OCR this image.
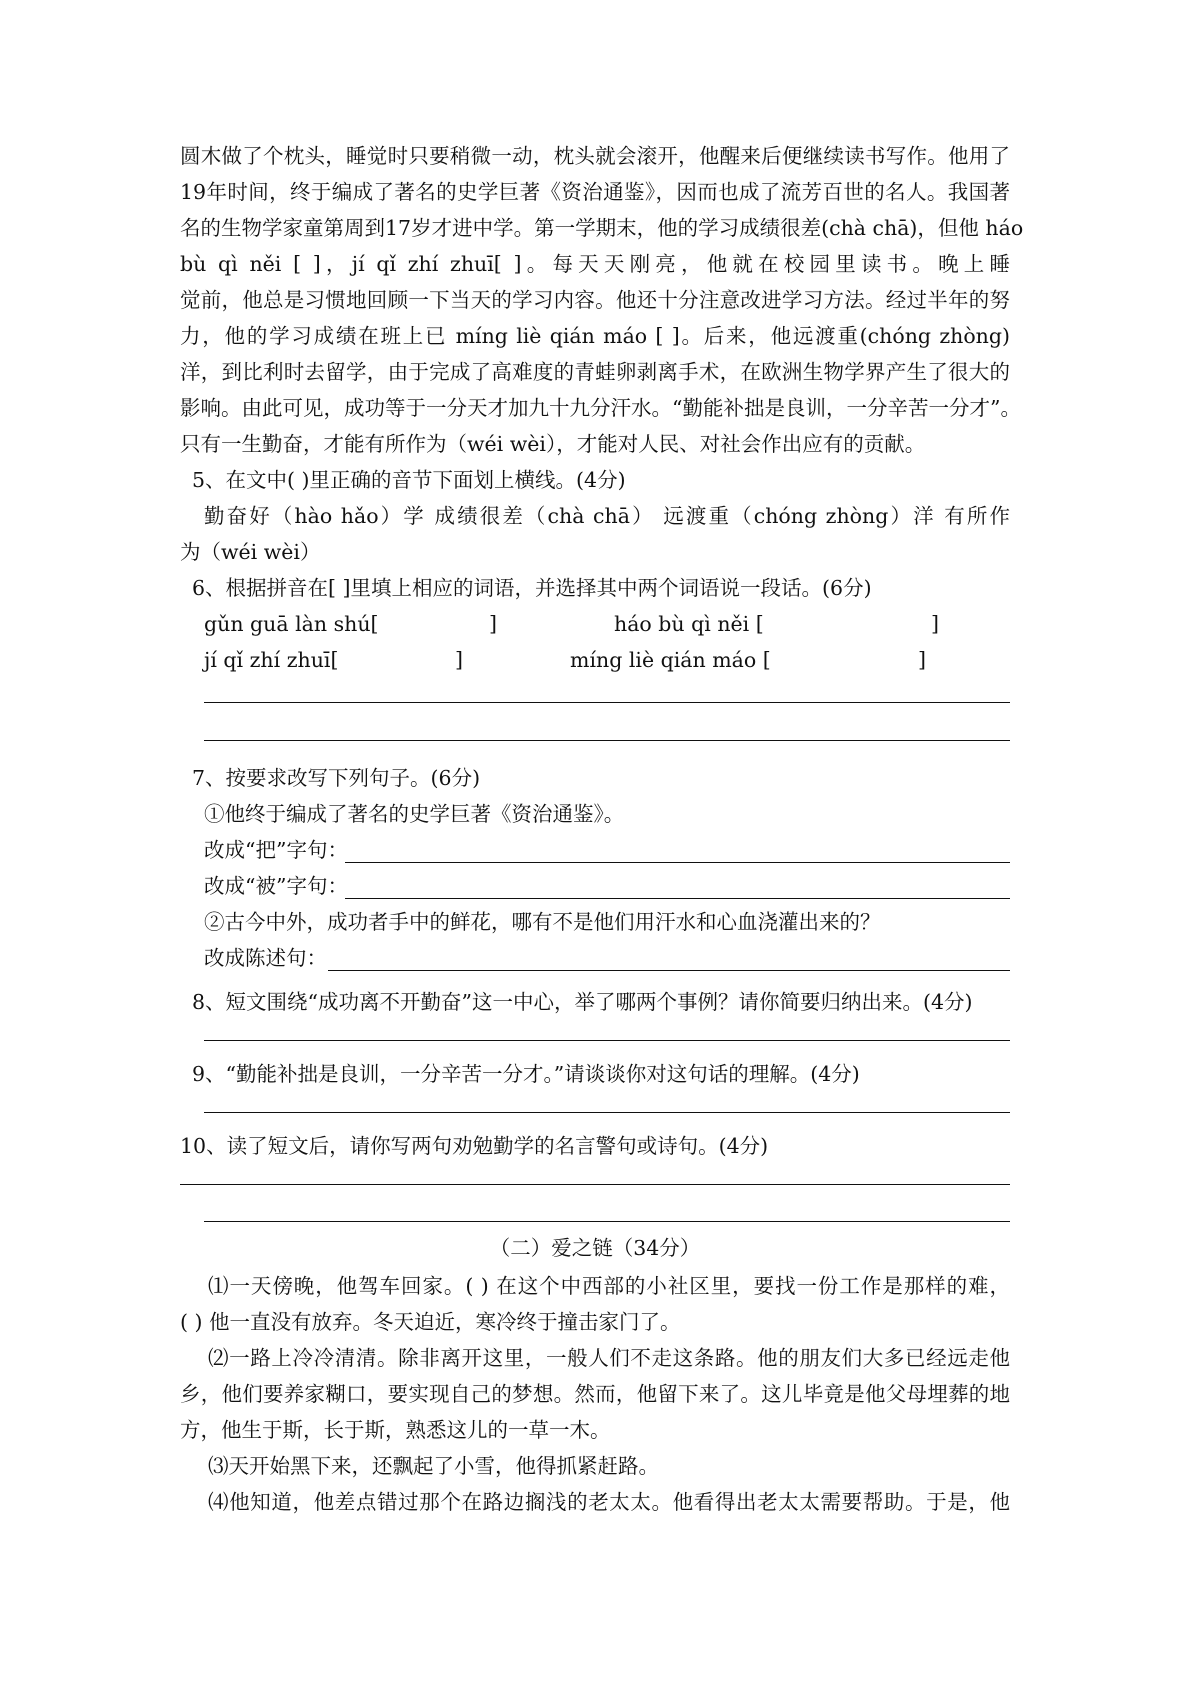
圆木做了个枕头，睡觉时只要稍微一动，枕头就会滚开，他醒来后便继续读书写作。他用了
19年时间，终于编成了著名的史学巨著《资治通鉴》，因而也成了流芳百世的名人。我国著
名的生物学家童第周到17岁才进中学。第一学期末，他的学习成绩很差(chà chā)，但他 háo
bù qì něi [ ]，jí qǐ zhí zhuī[ ]。每天天刚亮，他就在校园里读书。晚上睡
觉前，他总是习惯地回顾一下当天的学习内容。他还十分注意改进学习方法。经过半年的努
力，他的学习成绩在班上已 míng liè qián máo [ ]。后来，他远渡重(chóng zhòng)
洋，到比利时去留学，由于完成了高难度的青蛙卵剥离手术，在欧洲生物学界产生了很大的
影响。由此可见，成功等于一分天才加九十九分汗水。“勤能补拙是良训，一分辛苦一分才”。
只有一生勤奋，才能有所作为（wéi wèi），才能对人民、对社会作出应有的贡献。
5、在文中( )里正确的音节下面划上横线。(4分)
勤奋好（hào hǎo）学 成绩很差（chà chā） 远渡重（chóng zhòng）洋 有所作
为（wéi wèi）
6、根据拼音在[ ]里填上相应的词语，并选择其中两个词语说一段话。(6分)
gǔn guā làn shú[	]	háo bù qì něi [	]
jí qǐ zhí zhuī[	]	míng liè qián máo [	]
7、按要求改写下列句子。(6分)
①他终于编成了著名的史学巨著《资治通鉴》。
改成“把”字句：
改成“被”字句：
②古今中外，成功者手中的鲜花，哪有不是他们用汗水和心血浇灌出来的？
改成陈述句：
8、短文围绕“成功离不开勤奋”这一中心，举了哪两个事例？请你简要归纳出来。(4分)
9、“勤能补拙是良训，一分辛苦一分才。”请谈谈你对这句话的理解。(4分)
10、读了短文后，请你写两句劝勉勤学的名言警句或诗句。(4分)
（二）爱之链（34分）
⑴一天傍晚，他驾车回家。( ) 在这个中西部的小社区里，要找一份工作是那样的难，
( ) 他一直没有放弃。冬天迫近，寒冷终于撞击家门了。
⑵一路上冷冷清清。除非离开这里，一般人们不走这条路。他的朋友们大多已经远走他
乡，他们要养家糊口，要实现自己的梦想。然而，他留下来了。这儿毕竟是他父母埋葬的地
方，他生于斯，长于斯，熟悉这儿的一草一木。
⑶天开始黑下来，还飘起了小雪，他得抓紧赶路。
⑷他知道，他差点错过那个在路边搁浅的老太太。他看得出老太太需要帮助。于是，他
